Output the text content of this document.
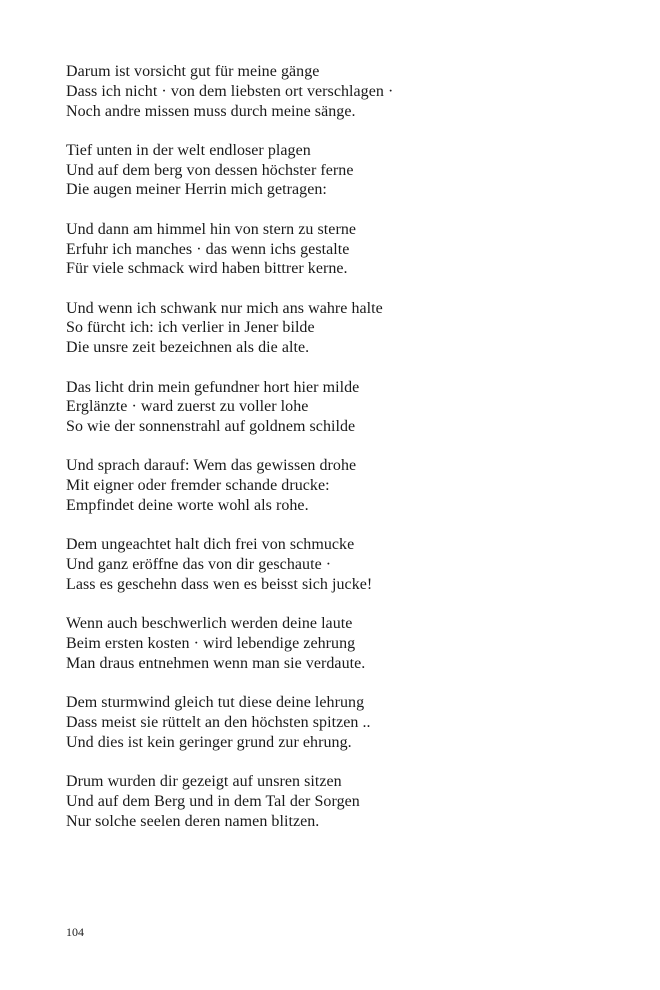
Darum ist vorsicht gut für meine gänge
Dass ich nicht · von dem liebsten ort verschlagen ·
Noch andre missen muss durch meine sänge.
Tief unten in der welt endloser plagen
Und auf dem berg von dessen höchster ferne
Die augen meiner Herrin mich getragen:
Und dann am himmel hin von stern zu sterne
Erfuhr ich manches · das wenn ichs gestalte
Für viele schmack wird haben bittrer kerne.
Und wenn ich schwank nur mich ans wahre halte
So fürcht ich: ich verlier in Jener bilde
Die unsre zeit bezeichnen als die alte.
Das licht drin mein gefundner hort hier milde
Erglänzte · ward zuerst zu voller lohe
So wie der sonnenstrahl auf goldnem schilde
Und sprach darauf: Wem das gewissen drohe
Mit eigner oder fremder schande drucke:
Empfindet deine worte wohl als rohe.
Dem ungeachtet halt dich frei von schmucke
Und ganz eröffne das von dir geschaute ·
Lass es geschehn dass wen es beisst sich jucke!
Wenn auch beschwerlich werden deine laute
Beim ersten kosten · wird lebendige zehrung
Man draus entnehmen wenn man sie verdaute.
Dem sturmwind gleich tut diese deine lehrung
Dass meist sie rüttelt an den höchsten spitzen ..
Und dies ist kein geringer grund zur ehrung.
Drum wurden dir gezeigt auf unsren sitzen
Und auf dem Berg und in dem Tal der Sorgen
Nur solche seelen deren namen blitzen.
104
